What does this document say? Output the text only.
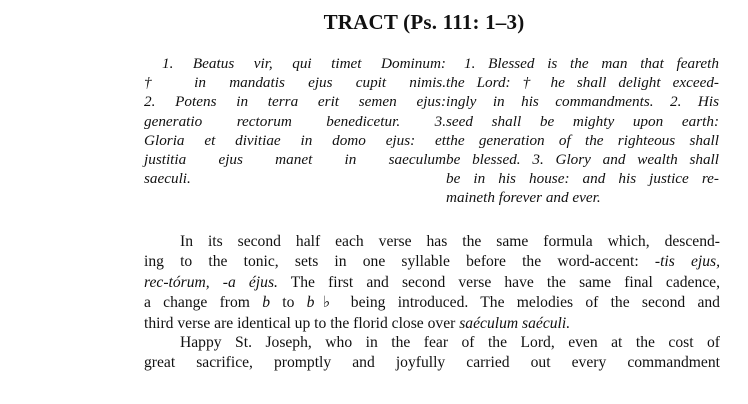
TRACT (Ps. 111: 1–3)
1. Beatus vir, qui timet Dominum:
† in mandatis ejus cupit nimis.
2. Potens in terra erit semen ejus:
generatio rectorum benedicetur. 3.
Gloria et divitiae in domo ejus: et
justitia ejus manet in saeculum
saeculi.
1. Blessed is the man that feareth
the Lord: † he shall delight exceed-
ingly in his commandments. 2. His
seed shall be mighty upon earth:
the generation of the righteous shall
be blessed. 3. Glory and wealth shall
be in his house: and his justice re-
maineth forever and ever.
In its second half each verse has the same formula which, descend-
ing to the tonic, sets in one syllable before the word-accent: -tis ejus,
rec-tórum, -a éjus. The first and second verse have the same final cadence,
a change from b to b♭ being introduced. The melodies of the second and
third verse are identical up to the florid close over saéculum saéculi.
Happy St. Joseph, who in the fear of the Lord, even at the cost of
great sacrifice, promptly and joyfully carried out every commandment
